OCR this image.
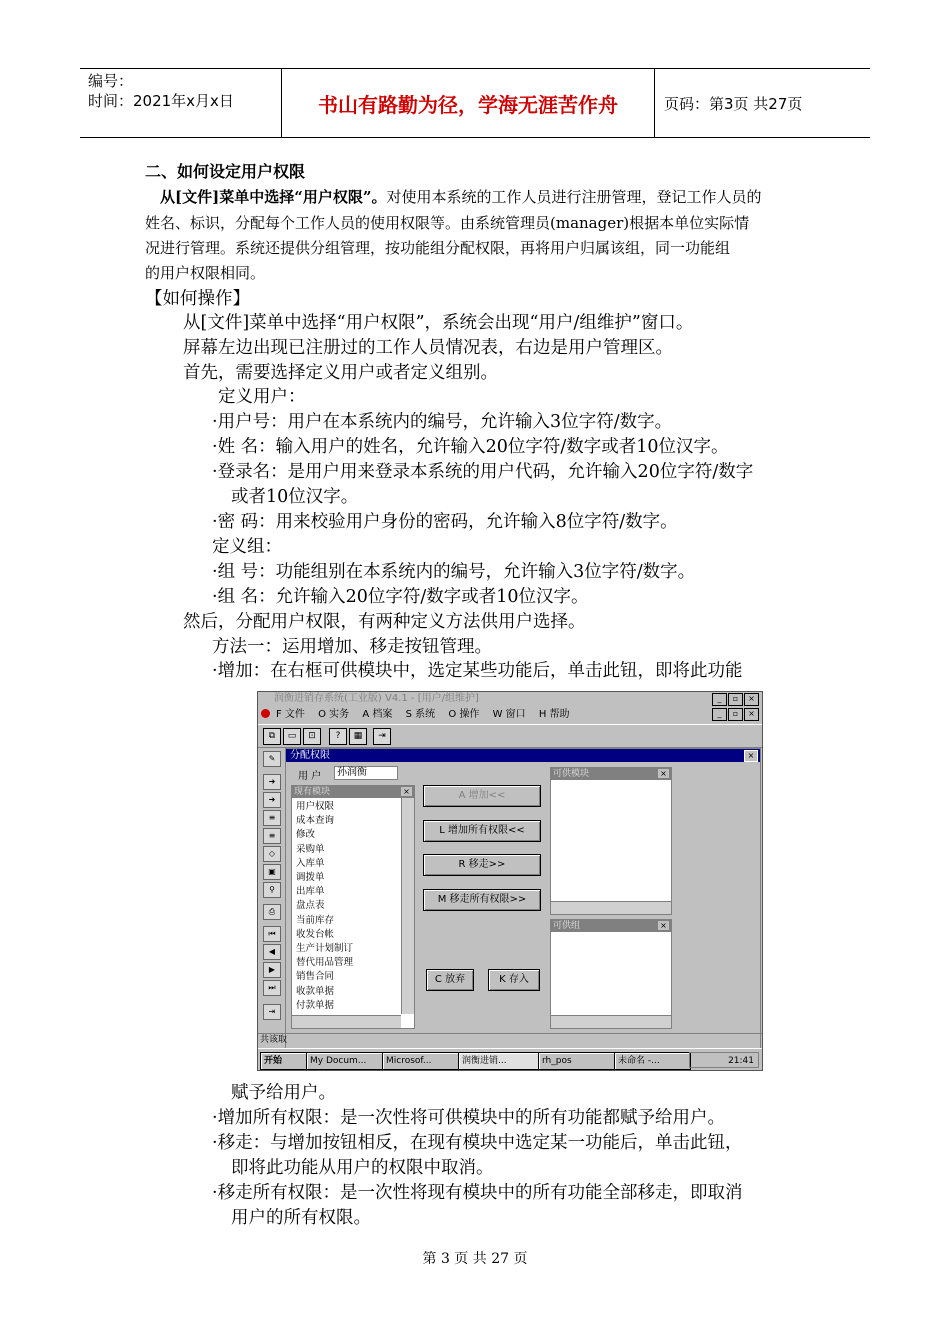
编号：
时间：2021年x月x日	书山有路勤为径，学海无涯苦作舟	页码：第3页 共27页
二、如何设定用户权限
从[文件]菜单中选择“用户权限”。对使用本系统的工作人员进行注册管理，登记工作人员的
姓名、标识，分配每个工作人员的使用权限等。由系统管理员(manager)根据本单位实际情
况进行管理。系统还提供分组管理，按功能组分配权限，再将用户归属该组，同一功能组
的用户权限相同。
【如何操作】
从[文件]菜单中选择“用户权限”，系统会出现“用户/组维护”窗口。
屏幕左边出现已注册过的工作人员情况表，右边是用户管理区。
首先，需要选择定义用户或者定义组别。
定义用户：
·用户号：用户在本系统内的编号，允许输入3位字符/数字。
·姓 名：输入用户的姓名，允许输入20位字符/数字或者10位汉字。
·登录名：是用户用来登录本系统的用户代码，允许输入20位字符/数字
或者10位汉字。
·密 码：用来校验用户身份的密码，允许输入8位字符/数字。
定义组：
·组 号：功能组别在本系统内的编号，允许输入3位字符/数字。
·组 名：允许输入20位字符/数字或者10位汉字。
然后，分配用户权限，有两种定义方法供用户选择。
方法一：运用增加、移走按钮管理。
·增加：在右框可供模块中，选定某些功能后，单击此钮，即将此功能
润衡进销存系统(工业版) V4.1 - [用户/组维护]	_	▫	×
F 文件 O 实务 A 档案 S 系统 O 操作 W 窗口 H 帮助	_	▫	×
⧉	▭	⊡	?	▦	⇥
✎
➜
➜
≡
≡
◇
▣
⚲
⎙
⏮
◀
▶
⏭
⇥
分配权限	×
用 户	孙润衡
现有模块	×
用户权限
成本查询
修改
采购单
入库单
调拨单
出库单
盘点表
当前库存
收发台帐
生产计划制订
替代用品管理
销售合同
收款单据
付款单据
A 增加<<
L 增加所有权限<<
R 移走>>
M 移走所有权限>>
C 放弃	K 存入
可供模块	×
可供组	×
共该取
开始	My Docum...	Microsof...	润衡进销...	rh_pos	未命名 -...	21:41
赋予给用户。
·增加所有权限：是一次性将可供模块中的所有功能都赋予给用户。
·移走：与增加按钮相反，在现有模块中选定某一功能后，单击此钮，
即将此功能从用户的权限中取消。
·移走所有权限：是一次性将现有模块中的所有功能全部移走，即取消
用户的所有权限。
第 3 页 共 27 页
